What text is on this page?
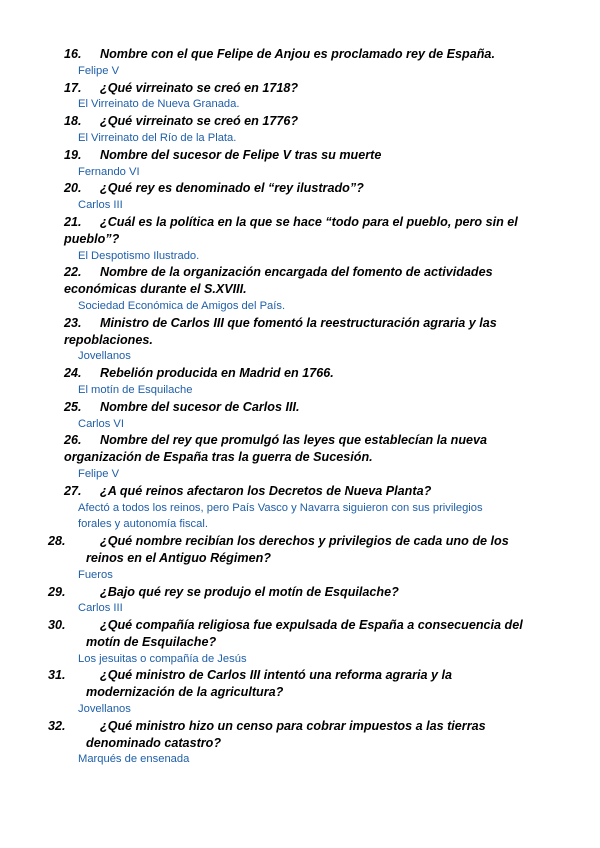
16. Nombre con el que Felipe de Anjou es proclamado rey de España.

Felipe V

17. ¿Qué virreinato se creó en 1718?

El Virreinato de Nueva Granada.

18. ¿Qué virreinato se creó en 1776?

El Virreinato del Río de la Plata.

19. Nombre del sucesor de Felipe V tras su muerte

Fernando VI

20. ¿Qué rey es denominado el “rey ilustrado”?

Carlos III

21. ¿Cuál es la política en la que se hace “todo para el pueblo, pero sin el pueblo”?

El Despotismo Ilustrado.

22. Nombre de la organización encargada del fomento de actividades económicas durante el S.XVIII.

Sociedad Económica de Amigos del País.

23. Ministro de Carlos III que fomentó la reestructuración agraria y las repoblaciones.

Jovellanos

24. Rebelión producida en Madrid en 1766.

El motín de Esquilache

25. Nombre del sucesor de Carlos III.

Carlos VI

26. Nombre del rey que promulgó las leyes que establecían la nueva organización de España tras la guerra de Sucesión.

Felipe V

27. ¿A qué reinos afectaron los Decretos de Nueva Planta?

Afectó a todos los reinos, pero País Vasco y Navarra siguieron con sus privilegios forales y autonomía fiscal.

28.	¿Qué nombre recibían los derechos y privilegios de cada uno de los reinos en el Antiguo Régimen?

Fueros

29.	¿Bajo qué rey se produjo el motín de Esquilache?

Carlos III

30.	¿Qué compañía religiosa fue expulsada de España a consecuencia del motín de Esquilache?

Los jesuitas o compañía de Jesús

31.	¿Qué ministro de Carlos III intentó una reforma agraria y la modernización de la agricultura?

Jovellanos

32.	¿Qué ministro hizo un censo para cobrar impuestos a las tierras denominado catastro?

Marqués de ensenada
